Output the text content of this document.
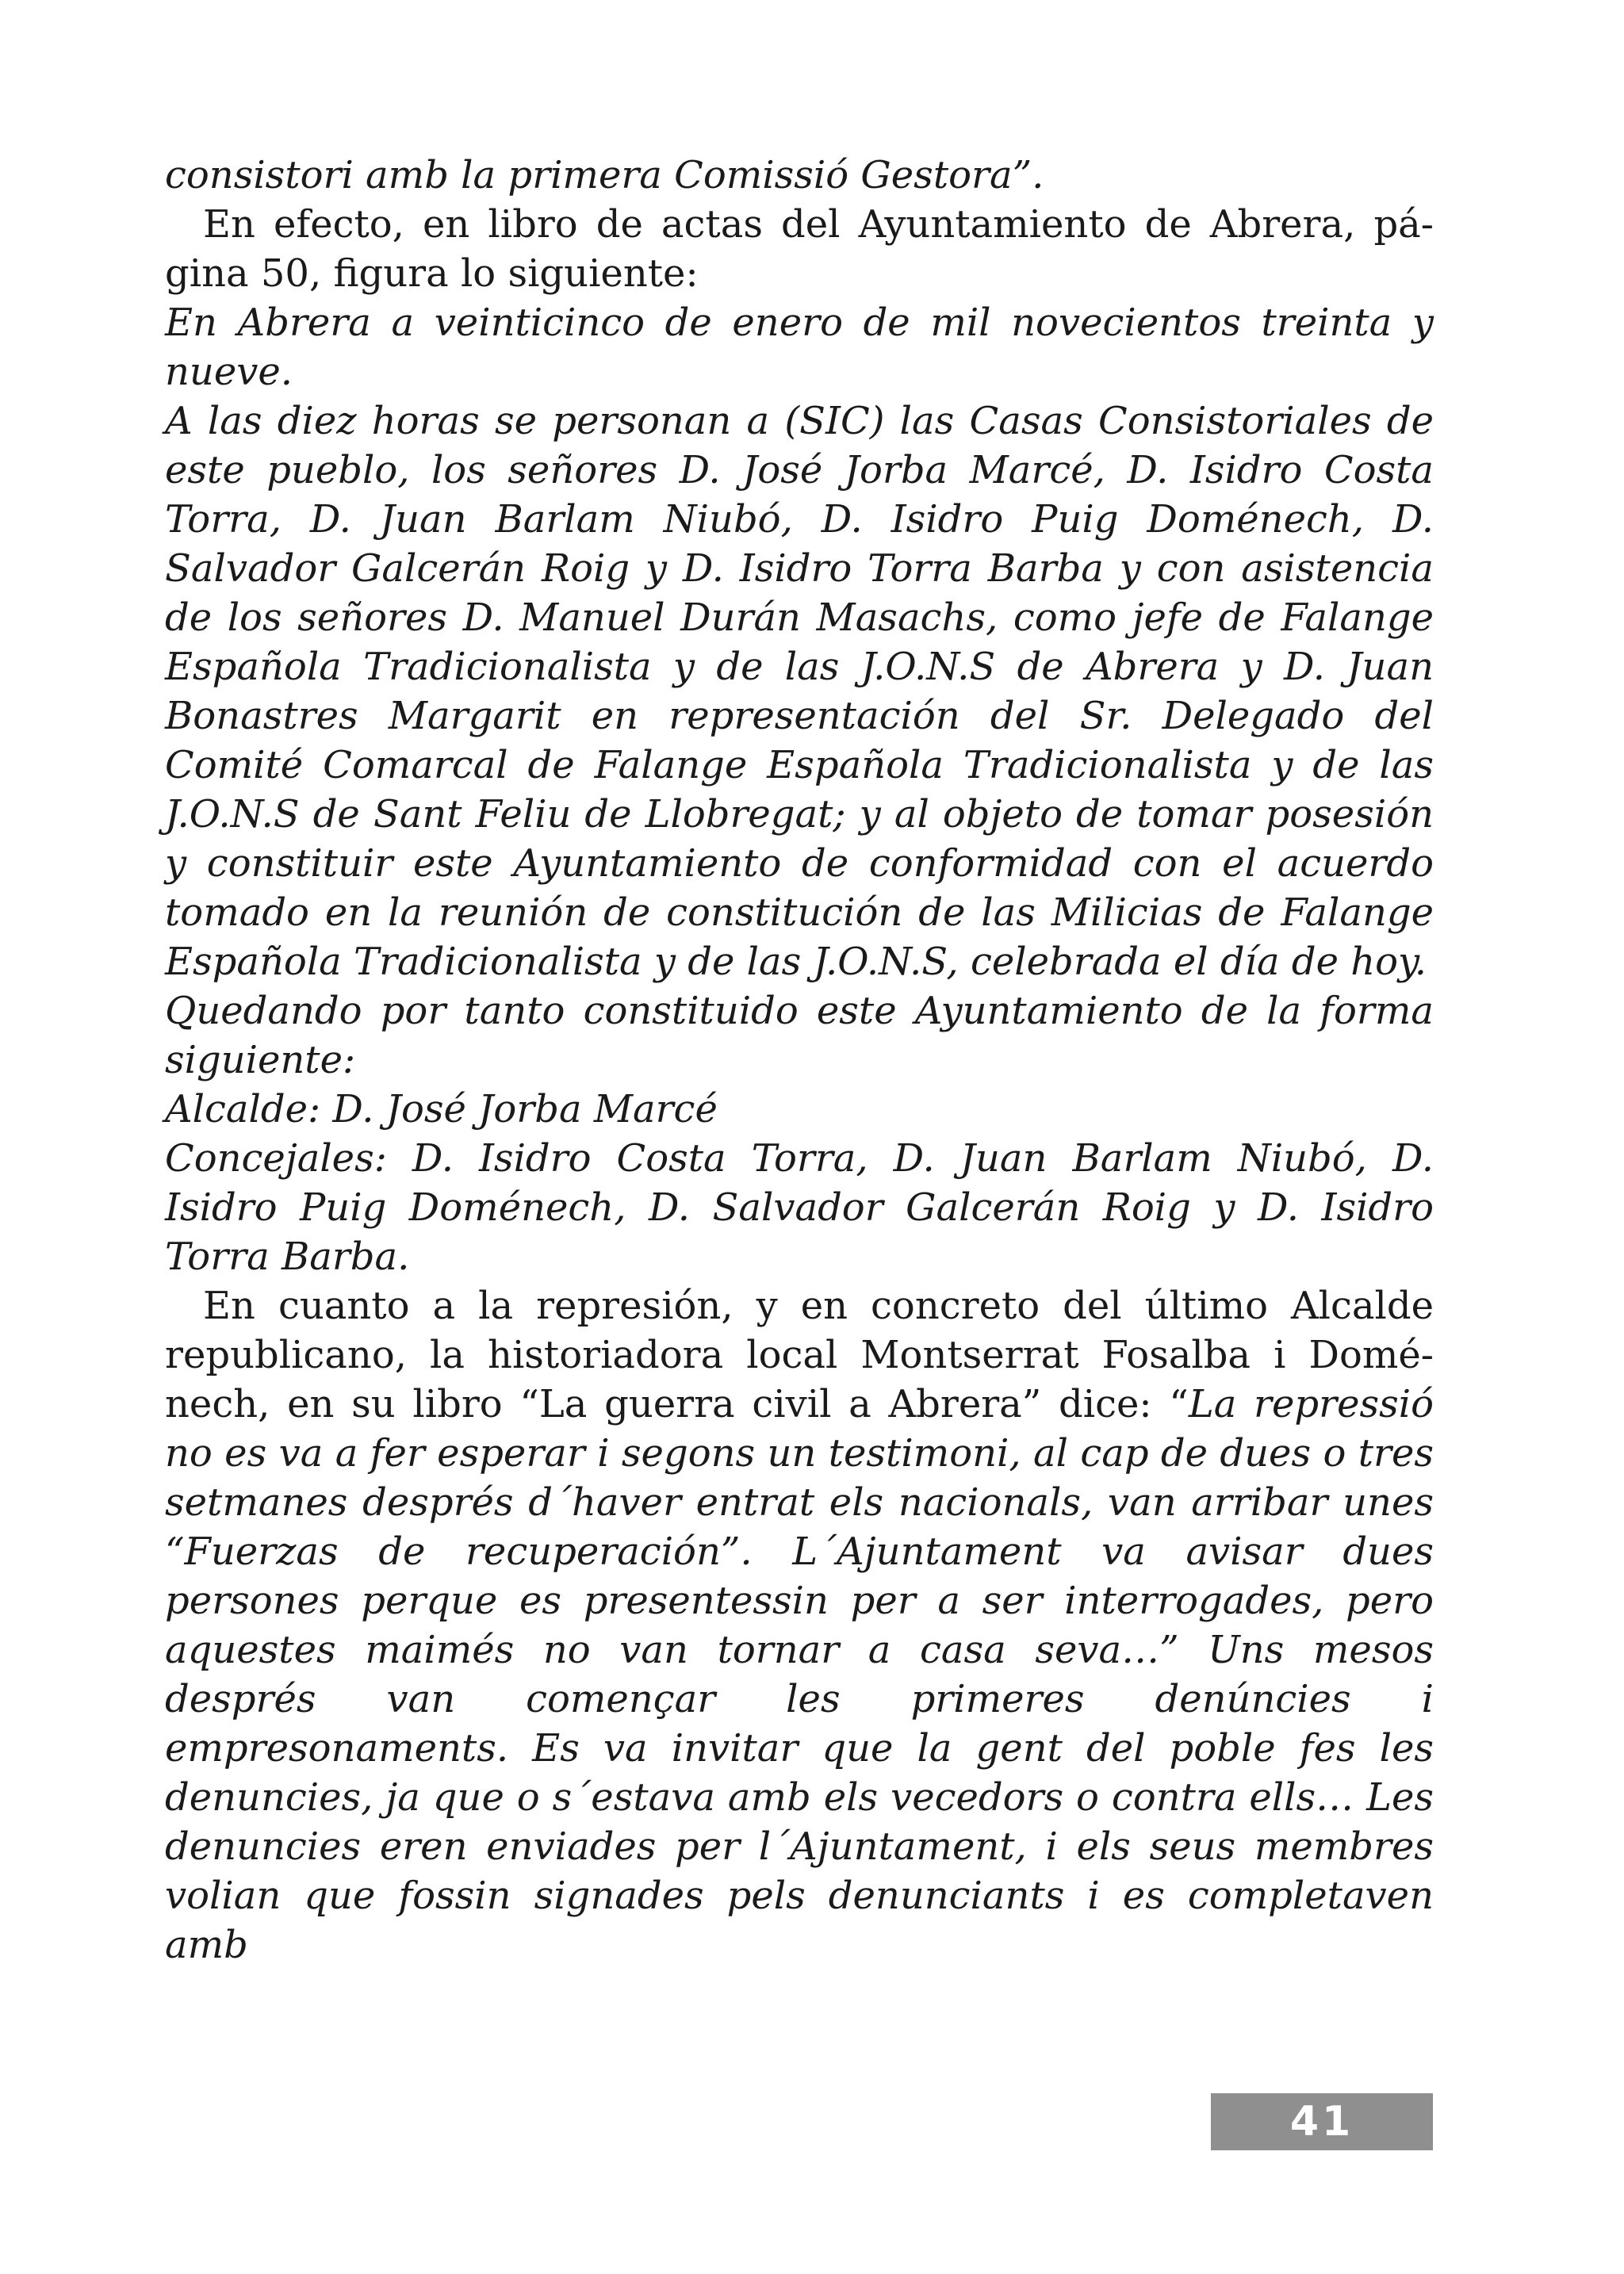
consistori amb la primera Comissió Gestora”.

En efecto, en libro de actas del Ayuntamiento de Abrera, página 50, figura lo siguiente:

En Abrera a veinticinco de enero de mil novecientos treinta y nueve.

A las diez horas se personan a (SIC) las Casas Consistoriales de este pueblo, los señores D. José Jorba Marcé, D. Isidro Costa Torra, D. Juan Barlam Niubó, D. Isidro Puig Doménech, D. Salvador Galcerán Roig y D. Isidro Torra Barba y con asistencia de los señores D. Manuel Durán Masachs, como jefe de Falange Española Tradicionalista y de las J.O.N.S de Abrera y D. Juan Bonastres Margarit en representación del Sr. Delegado del Comité Comarcal de Falange Española Tradicionalista y de las J.O.N.S de Sant Feliu de Llobregat; y al objeto de tomar posesión y constituir este Ayuntamiento de conformidad con el acuerdo tomado en la reunión de constitución de las Milicias de Falange Española Tradicionalista y de las J.O.N.S, celebrada el día de hoy.

Quedando por tanto constituido este Ayuntamiento de la forma siguiente:

Alcalde: D. José Jorba Marcé

Concejales: D. Isidro Costa Torra, D. Juan Barlam Niubó, D. Isidro Puig Doménech, D. Salvador Galcerán Roig y D. Isidro Torra Barba.

En cuanto a la represión, y en concreto del último Alcalde republicano, la historiadora local Montserrat Fosalba i Doménech, en su libro “La guerra civil a Abrera” dice: “La repressió no es va a fer esperar i segons un testimoni, al cap de dues o tres setmanes després d´haver entrat els nacionals, van arribar unes “Fuerzas de recuperación”. L´Ajuntament va avisar dues persones perque es presentessin per a ser interrogades, pero aquestes maimés no van tornar a casa seva…” Uns mesos després van començar les primeres denúncies i empresonaments. Es va invitar que la gent del poble fes les denuncies, ja que o s´estava amb els vecedors o contra ells… Les denuncies eren enviades per l´Ajuntament, i els seus membres volian que fossin signades pels denunciants i es completaven amb

41
